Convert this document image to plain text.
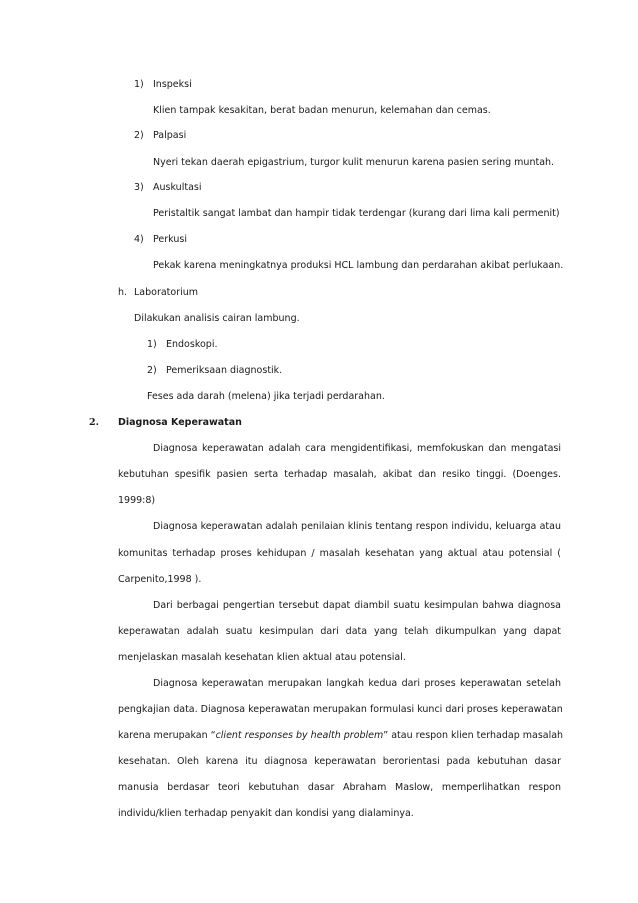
1) Inspeksi
Klien tampak kesakitan, berat badan menurun, kelemahan dan cemas.
2) Palpasi
Nyeri tekan daerah epigastrium, turgor kulit menurun karena pasien sering muntah.
3) Auskultasi
Peristaltik sangat lambat dan hampir tidak terdengar (kurang dari lima kali permenit)
4) Perkusi
Pekak karena meningkatnya produksi HCL lambung dan perdarahan akibat perlukaan.
h. Laboratorium
Dilakukan analisis cairan lambung.
1) Endoskopi.
2) Pemeriksaan diagnostik.
Feses ada darah (melena) jika terjadi perdarahan.
2. Diagnosa Keperawatan
Diagnosa keperawatan adalah cara mengidentifikasi, memfokuskan dan mengatasi
kebutuhan spesifik pasien serta terhadap masalah, akibat dan resiko tinggi. (Doenges.
1999:8)
Diagnosa keperawatan adalah penilaian klinis tentang respon individu, keluarga atau
komunitas terhadap proses kehidupan / masalah kesehatan yang aktual atau potensial (
Carpenito,1998 ).
Dari berbagai pengertian tersebut dapat diambil suatu kesimpulan bahwa diagnosa
keperawatan adalah suatu kesimpulan dari data yang telah dikumpulkan yang dapat
menjelaskan masalah kesehatan klien aktual atau potensial.
Diagnosa keperawatan merupakan langkah kedua dari proses keperawatan setelah
pengkajian data. Diagnosa keperawatan merupakan formulasi kunci dari proses keperawatan
karena merupakan “client responses by health problem” atau respon klien terhadap masalah
kesehatan. Oleh karena itu diagnosa keperawatan berorientasi pada kebutuhan dasar
manusia berdasar teori kebutuhan dasar Abraham Maslow, memperlihatkan respon
individu/klien terhadap penyakit dan kondisi yang dialaminya.
